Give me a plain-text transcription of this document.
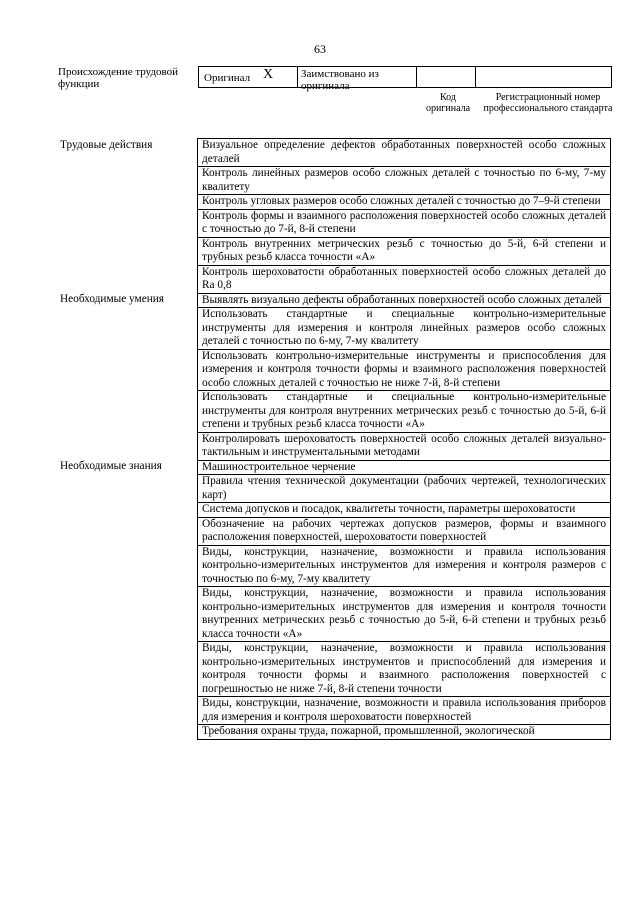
63
Происхождение трудовой функции	Оригинал X	Заимствовано из оригинала
Код оригинала
Регистрационный номер профессионального стандарта
Трудовые действия	Визуальное определение дефектов обработанных поверхностей особо сложных деталей
	Контроль линейных размеров особо сложных деталей с точностью по 6-му, 7-му квалитету
	Контроль угловых размеров особо сложных деталей с точностью до 7–9-й степени
	Контроль формы и взаимного расположения поверхностей особо сложных деталей с точностью до 7-й, 8-й степени
	Контроль внутренних метрических резьб с точностью до 5-й, 6-й степени и трубных резьб класса точности «А»
	Контроль шероховатости обработанных поверхностей особо сложных деталей до Ra 0,8
Необходимые умения	Выявлять визуально дефекты обработанных поверхностей особо сложных деталей
	Использовать стандартные и специальные контрольно-измерительные инструменты для измерения и контроля линейных размеров особо сложных деталей с точностью по 6-му, 7-му квалитету
	Использовать контрольно-измерительные инструменты и приспособления для измерения и контроля точности формы и взаимного расположения поверхностей особо сложных деталей с точностью не ниже 7-й, 8-й степени
	Использовать стандартные и специальные контрольно-измерительные инструменты для контроля внутренних метрических резьб с точностью до 5-й, 6-й степени и трубных резьб класса точности «А»
	Контролировать шероховатость поверхностей особо сложных деталей визуально-тактильным и инструментальными методами
Необходимые знания	Машиностроительное черчение
	Правила чтения технической документации (рабочих чертежей, технологических карт)
	Система допусков и посадок, квалитеты точности, параметры шероховатости
	Обозначение на рабочих чертежах допусков размеров, формы и взаимного расположения поверхностей, шероховатости поверхностей
	Виды, конструкции, назначение, возможности и правила использования контрольно-измерительных инструментов для измерения и контроля размеров с точностью по 6-му, 7-му квалитету
	Виды, конструкции, назначение, возможности и правила использования контрольно-измерительных инструментов для измерения и контроля точности внутренних метрических резьб с точностью до 5-й, 6-й степени и трубных резьб класса точности «А»
	Виды, конструкции, назначение, возможности и правила использования контрольно-измерительных инструментов и приспособлений для измерения и контроля точности формы и взаимного расположения поверхностей с погрешностью не ниже 7-й, 8-й степени точности
	Виды, конструкции, назначение, возможности и правила использования приборов для измерения и контроля шероховатости поверхностей
	Требования охраны труда, пожарной, промышленной, экологической
